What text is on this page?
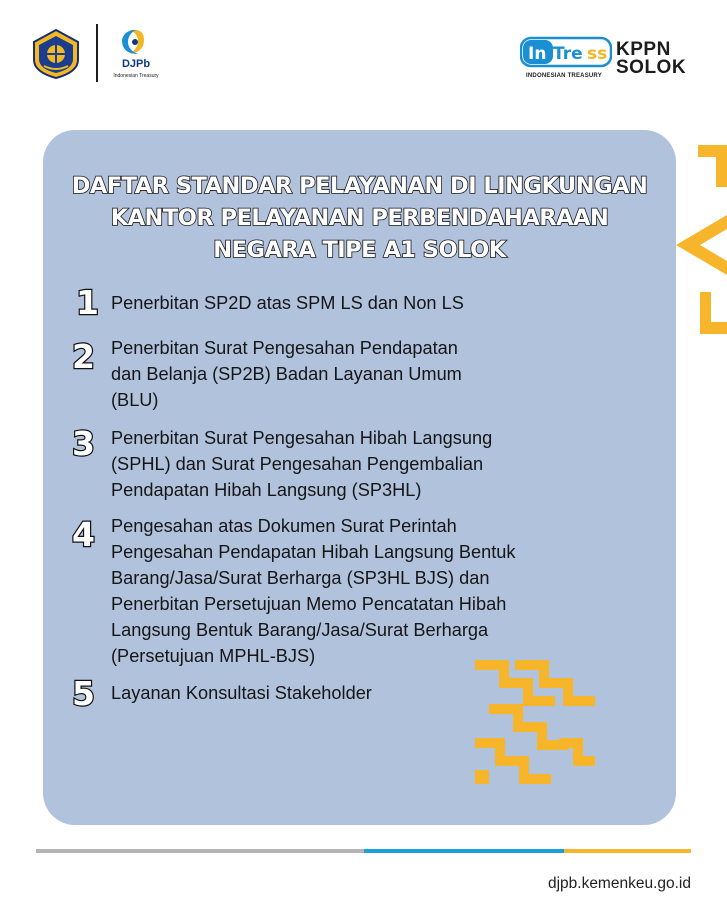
DJPb
Indonesian Treasury
In Tre ss
INDONESIAN TREASURY
KPPN
SOLOK
DAFTAR STANDAR PELAYANAN DI LINGKUNGAN
KANTOR PELAYANAN PERBENDAHARAAN
NEGARA TIPE A1 SOLOK
1 Penerbitan SP2D atas SPM LS dan Non LS
2 Penerbitan Surat Pengesahan Pendapatan
dan Belanja (SP2B) Badan Layanan Umum
(BLU)
3 Penerbitan Surat Pengesahan Hibah Langsung
(SPHL) dan Surat Pengesahan Pengembalian
Pendapatan Hibah Langsung (SP3HL)
4 Pengesahan atas Dokumen Surat Perintah
Pengesahan Pendapatan Hibah Langsung Bentuk
Barang/Jasa/Surat Berharga (SP3HL BJS) dan
Penerbitan Persetujuan Memo Pencatatan Hibah
Langsung Bentuk Barang/Jasa/Surat Berharga
(Persetujuan MPHL-BJS)
5 Layanan Konsultasi Stakeholder
djpb.kemenkeu.go.id
